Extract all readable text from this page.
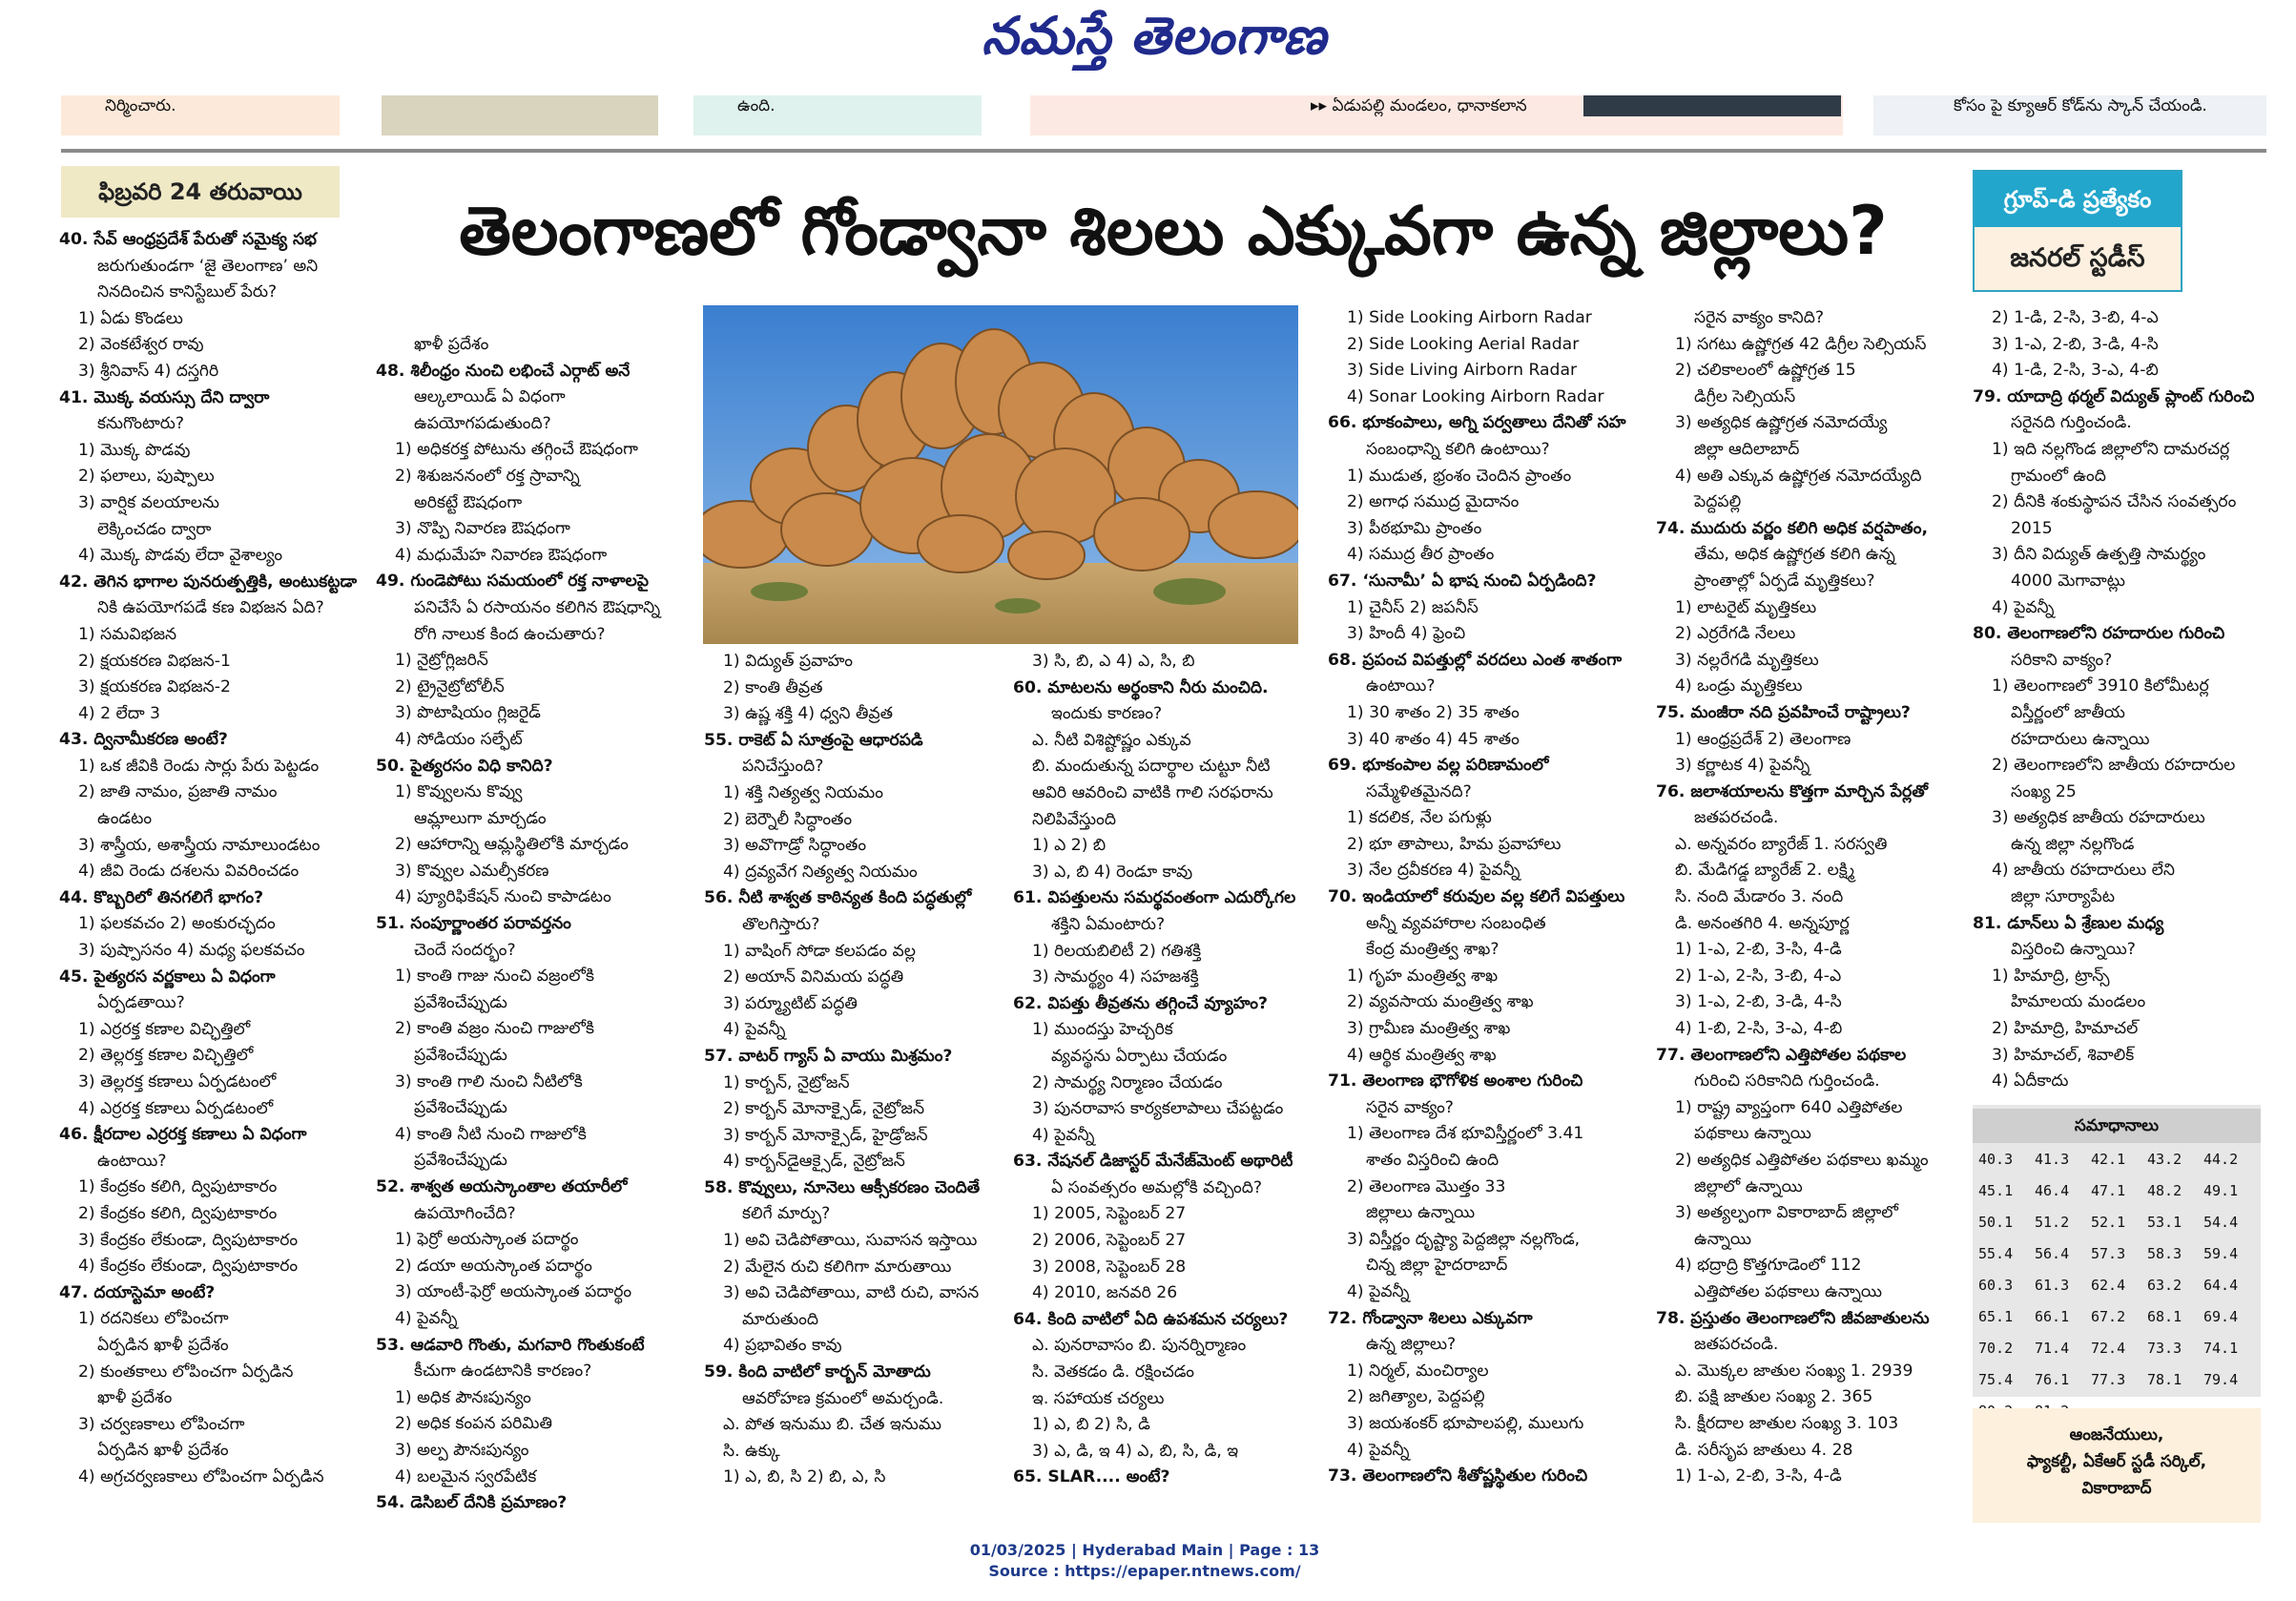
నమస్తే తెలంగాణ
నిర్మించారు.	ఉంది.	▸▸ ఏడుపల్లి మండలం, ధానాకలాన	కోసం పై క్యూఆర్ కోడ్‌ను స్కాన్ చేయండి.
ఫిబ్రవరి 24 తరువాయి	తెలంగాణలో గోండ్వానా శిలలు ఎక్కువగా ఉన్న జిల్లాలు?	గ్రూప్-డి ప్రత్యేకం
జనరల్ స్టడీస్

40. సేవ్ ఆంధ్రప్రదేశ్ పేరుతో సమైక్య సభ

జరుగుతుండగా ‘జై తెలంగాణ’ అని

నినదించిన కానిస్టేబుల్ పేరు?

1) ఏడు కొండలు

2) వెంకటేశ్వర రావు

3) శ్రీనివాస్ 4) దస్తగిరి

41. మొక్క వయస్సు దేని ద్వారా

కనుగొంటారు?

1) మొక్క పొడవు

2) ఫలాలు, పుష్పాలు

3) వార్షిక వలయాలను

లెక్కించడం ద్వారా

4) మొక్క పొడవు లేదా వైశాల్యం

42. తెగిన భాగాల పునరుత్పత్తికి, అంటుకట్టడా

నికి ఉపయోగపడే కణ విభజన ఏది?

1) సమవిభజన

2) క్షయకరణ విభజన-1

3) క్షయకరణ విభజన-2

4) 2 లేదా 3

43. ద్వినామీకరణ అంటే?

1) ఒక జీవికి రెండు సార్లు పేరు పెట్టడం

2) జాతి నామం, ప్రజాతి నామం

ఉండటం

3) శాస్త్రీయ, అశాస్త్రీయ నామాలుండటం

4) జీవి రెండు దశలను వివరించడం

44. కొబ్బరిలో తినగలిగే భాగం?

1) ఫలకవచం 2) అంకురచ్ఛదం

3) పుష్పాసనం 4) మధ్య ఫలకవచం

45. పైత్యరస వర్ణకాలు ఏ విధంగా

ఏర్పడతాయి?

1) ఎర్రరక్త కణాల విచ్ఛిత్తిలో

2) తెల్లరక్త కణాల విచ్ఛిత్తిలో

3) తెల్లరక్త కణాలు ఏర్పడటంలో

4) ఎర్రరక్త కణాలు ఏర్పడటంలో

46. క్షీరదాల ఎర్రరక్త కణాలు ఏ విధంగా

ఉంటాయి?

1) కేంద్రకం కలిగి, ద్విపుటాకారం

2) కేంద్రకం కలిగి, ద్విపుటాకారం

3) కేంద్రకం లేకుండా, ద్విపుటాకారం

4) కేంద్రకం లేకుండా, ద్విపుటాకారం

47. దయాస్టెమా అంటే?

1) రదనికలు లోపించగా

ఏర్పడిన ఖాళీ ప్రదేశం

2) కుంతకాలు లోపించగా ఏర్పడిన

ఖాళీ ప్రదేశం

3) చర్వణకాలు లోపించగా

ఏర్పడిన ఖాళీ ప్రదేశం

4) అగ్రచర్వణకాలు లోపించగా ఏర్పడిన

ఖాళీ ప్రదేశం

48. శిలీంధ్రం నుంచి లభించే ఎర్గాట్ అనే

ఆల్కలాయిడ్ ఏ విధంగా

ఉపయోగపడుతుంది?

1) అధికరక్త పోటును తగ్గించే ఔషధంగా

2) శిశుజననంలో రక్త స్రావాన్ని

అరికట్టే ఔషధంగా

3) నొప్పి నివారణ ఔషధంగా

4) మధుమేహ నివారణ ఔషధంగా

49. గుండెపోటు సమయంలో రక్త నాళాలపై

పనిచేసే ఏ రసాయనం కలిగిన ఔషధాన్ని

రోగి నాలుక కింద ఉంచుతారు?

1) నైట్రోగ్లిజరిన్

2) ట్రైనైట్రోటోలీన్

3) పొటాషియం గ్లిజరైడ్

4) సోడియం సల్ఫేట్

50. పైత్యరసం విధి కానిది?

1) కొవ్వులను కొవ్వు

ఆమ్లాలుగా మార్చడం

2) ఆహారాన్ని ఆమ్లస్థితిలోకి మార్చడం

3) కొవ్వుల ఎమల్సీకరణ

4) ప్యూరిఫికేషన్ నుంచి కాపాడటం

51. సంపూర్ణాంతర పరావర్తనం

చెందే సందర్భం?

1) కాంతి గాజు నుంచి వజ్రంలోకి

ప్రవేశించేప్పుడు

2) కాంతి వజ్రం నుంచి గాజులోకి

ప్రవేశించేప్పుడు

3) కాంతి గాలి నుంచి నీటిలోకి

ప్రవేశించేప్పుడు

4) కాంతి నీటి నుంచి గాజులోకి

ప్రవేశించేప్పుడు

52. శాశ్వత అయస్కాంతాల తయారీలో

ఉపయోగించేది?

1) ఫెర్రో అయస్కాంత పదార్థం

2) డయా అయస్కాంత పదార్థం

3) యాంటీ-ఫెర్రో అయస్కాంత పదార్థం

4) పైవన్నీ

53. ఆడవారి గొంతు, మగవారి గొంతుకంటే

కీచుగా ఉండటానికి కారణం?

1) అధిక పౌనఃపున్యం

2) అధిక కంపన పరిమితి

3) అల్ప పౌనఃపున్యం

4) బలమైన స్వరపేటిక

54. డెసిబల్ దేనికి ప్రమాణం?

1) విద్యుత్ ప్రవాహం

2) కాంతి తీవ్రత

3) ఉష్ణ శక్తి 4) ధ్వని తీవ్రత

55. రాకెట్ ఏ సూత్రంపై ఆధారపడి

పనిచేస్తుంది?

1) శక్తి నిత్యత్వ నియమం

2) బెర్నౌలీ సిద్ధాంతం

3) అవొగాడ్రో సిద్ధాంతం

4) ద్రవ్యవేగ నిత్యత్వ నియమం

56. నీటి శాశ్వత కాఠిన్యత కింది పద్ధతుల్లో

తొలగిస్తారు?

1) వాషింగ్ సోడా కలపడం వల్ల

2) అయాన్ వినిమయ పద్ధతి

3) పర్మ్యూటిట్ పద్ధతి

4) పైవన్నీ

57. వాటర్ గ్యాస్ ఏ వాయు మిశ్రమం?

1) కార్బన్, నైట్రోజన్

2) కార్బన్ మోనాక్సైడ్, నైట్రోజన్

3) కార్బన్ మోనాక్సైడ్, హైడ్రోజన్

4) కార్బన్‌డైఆక్సైడ్, నైట్రోజన్

58. కొవ్వులు, నూనెలు ఆక్సీకరణం చెందితే

కలిగే మార్పు?

1) అవి చెడిపోతాయి, సువాసన ఇస్తాయి

2) మేలైన రుచి కలిగిగా మారుతాయి

3) అవి చెడిపోతాయి, వాటి రుచి, వాసన

మారుతుంది

4) ప్రభావితం కావు

59. కింది వాటిలో కార్బన్ మోతాదు

ఆవరోహణ క్రమంలో అమర్చండి.

ఎ. పోత ఇనుము బి. చేత ఇనుము

సి. ఉక్కు

1) ఎ, బి, సి 2) బి, ఎ, సి

3) సి, బి, ఎ 4) ఎ, సి, బి

60. మాటలను అర్థంకాని నీరు మంచిది.

ఇందుకు కారణం?

ఎ. నీటి విశిష్టోష్ణం ఎక్కువ

బి. మందుతున్న పదార్థాల చుట్టూ నీటి

ఆవిరి ఆవరించి వాటికి గాలి సరఫరాను

నిలిపివేస్తుంది

1) ఎ 2) బి

3) ఎ, బి 4) రెండూ కావు

61. విపత్తులను సమర్థవంతంగా ఎదుర్కోగల

శక్తిని ఏమంటారు?

1) రిలయబిలిటీ 2) గతిశక్తి

3) సామర్థ్యం 4) సహజశక్తి

62. విపత్తు తీవ్రతను తగ్గించే వ్యూహం?

1) ముందస్తు హెచ్చరిక

వ్యవస్థను ఏర్పాటు చేయడం

2) సామర్థ్య నిర్మాణం చేయడం

3) పునరావాస కార్యకలాపాలు చేపట్టడం

4) పైవన్నీ

63. నేషనల్ డిజాస్టర్ మేనేజ్‌మెంట్ అథారిటీ

ఏ సంవత్సరం అమల్లోకి వచ్చింది?

1) 2005, సెప్టెంబర్ 27

2) 2006, సెప్టెంబర్ 27

3) 2008, సెప్టెంబర్ 28

4) 2010, జనవరి 26

64. కింది వాటిలో ఏది ఉపశమన చర్యలు?

ఎ. పునరావాసం బి. పునర్నిర్మాణం

సి. వెతకడం డి. రక్షించడం

ఇ. సహాయక చర్యలు

1) ఎ, బి 2) సి, డి

3) ఎ, డి, ఇ 4) ఎ, బి, సి, డి, ఇ

65. SLAR.... అంటే?

1) Side Looking Airborn Radar

2) Side Looking Aerial Radar

3) Side Living Airborn Radar

4) Sonar Looking Airborn Radar

66. భూకంపాలు, అగ్ని పర్వతాలు దేనితో సహ

సంబంధాన్ని కలిగి ఉంటాయి?

1) ముడుత, భ్రంశం చెందిన ప్రాంతం

2) అగాధ సముద్ర మైదానం

3) పీఠభూమి ప్రాంతం

4) సముద్ర తీర ప్రాంతం

67. ‘సునామీ’ ఏ భాష నుంచి ఏర్పడింది?

1) చైనీస్ 2) జపనీస్

3) హిందీ 4) ఫ్రెంచి

68. ప్రపంచ విపత్తుల్లో వరదలు ఎంత శాతంగా

ఉంటాయి?

1) 30 శాతం 2) 35 శాతం

3) 40 శాతం 4) 45 శాతం

69. భూకంపాల వల్ల పరిణామంలో

సమ్మేళితమైనది?

1) కదలిక, నేల పగుళ్లు

2) భూ తాపాలు, హిమ ప్రవాహాలు

3) నేల ద్రవీకరణ 4) పైవన్నీ

70. ఇండియాలో కరువుల వల్ల కలిగే విపత్తులు

అన్నీ వ్యవహారాల సంబంధిత

కేంద్ర మంత్రిత్వ శాఖ?

1) గృహ మంత్రిత్వ శాఖ

2) వ్యవసాయ మంత్రిత్వ శాఖ

3) గ్రామీణ మంత్రిత్వ శాఖ

4) ఆర్థిక మంత్రిత్వ శాఖ

71. తెలంగాణ భౌగోళిక అంశాల గురించి

సరైన వాక్యం?

1) తెలంగాణ దేశ భూవిస్తీర్ణంలో 3.41

శాతం విస్తరించి ఉంది

2) తెలంగాణ మొత్తం 33

జిల్లాలు ఉన్నాయి

3) విస్తీర్ణం దృష్ట్యా పెద్దజిల్లా నల్లగొండ,

చిన్న జిల్లా హైదరాబాద్

4) పైవన్నీ

72. గోండ్వానా శిలలు ఎక్కువగా

ఉన్న జిల్లాలు?

1) నిర్మల్, మంచిర్యాల

2) జగిత్యాల, పెద్దపల్లి

3) జయశంకర్ భూపాలపల్లి, ములుగు

4) పైవన్నీ

73. తెలంగాణలోని శీతోష్ణస్థితుల గురించి

సరైన వాక్యం కానిది?

1) సగటు ఉష్ణోగ్రత 42 డిగ్రీల సెల్సియస్

2) చలికాలంలో ఉష్ణోగ్రత 15

డిగ్రీల సెల్సియస్

3) అత్యధిక ఉష్ణోగ్రత నమోదయ్యే

జిల్లా ఆదిలాబాద్

4) అతి ఎక్కువ ఉష్ణోగ్రత నమోదయ్యేది

పెద్దపల్లి

74. ముదురు వర్ణం కలిగి అధిక వర్షపాతం,

తేమ, అధిక ఉష్ణోగ్రత కలిగి ఉన్న

ప్రాంతాల్లో ఏర్పడే మృత్తికలు?

1) లాటరైట్ మృత్తికలు

2) ఎర్రరేగడి నేలలు

3) నల్లరేగడి మృత్తికలు

4) ఒండ్రు మృత్తికలు

75. మంజీరా నది ప్రవహించే రాష్ట్రాలు?

1) ఆంధ్రప్రదేశ్ 2) తెలంగాణ

3) కర్ణాటక 4) పైవన్నీ

76. జలాశయాలను కొత్తగా మార్చిన పేర్లతో

జతపరచండి.

ఎ. అన్నవరం బ్యారేజ్ 1. సరస్వతి

బి. మేడిగడ్డ బ్యారేజ్ 2. లక్ష్మి

సి. నంది మేడారం 3. నంది

డి. అనంతగిరి 4. అన్నపూర్ణ

1) 1-ఎ, 2-బి, 3-సి, 4-డి

2) 1-ఎ, 2-సి, 3-బి, 4-ఎ

3) 1-ఎ, 2-బి, 3-డి, 4-సి

4) 1-బి, 2-సి, 3-ఎ, 4-బి

77. తెలంగాణలోని ఎత్తిపోతల పథకాల

గురించి సరికానిది గుర్తించండి.

1) రాష్ట్ర వ్యాప్తంగా 640 ఎత్తిపోతల

పథకాలు ఉన్నాయి

2) అత్యధిక ఎత్తిపోతల పథకాలు ఖమ్మం

జిల్లాలో ఉన్నాయి

3) అత్యల్పంగా వికారాబాద్ జిల్లాలో

ఉన్నాయి

4) భద్రాద్రి కొత్తగూడెంలో 112

ఎత్తిపోతల పథకాలు ఉన్నాయి

78. ప్రస్తుతం తెలంగాణలోని జీవజాతులను

జతపరచండి.

ఎ. మొక్కల జాతుల సంఖ్య 1. 2939

బి. పక్షి జాతుల సంఖ్య 2. 365

సి. క్షీరదాల జాతుల సంఖ్య 3. 103

డి. సరీసృప జాతులు 4. 28

1) 1-ఎ, 2-బి, 3-సి, 4-డి

2) 1-డి, 2-సి, 3-బి, 4-ఎ

3) 1-ఎ, 2-బి, 3-డి, 4-సి

4) 1-డి, 2-సి, 3-ఎ, 4-బి

79. యాదాద్రి థర్మల్ విద్యుత్ ప్లాంట్ గురించి

సరైనది గుర్తించండి.

1) ఇది నల్లగొండ జిల్లాలోని దామరచర్ల

గ్రామంలో ఉంది

2) దీనికి శంకుస్థాపన చేసిన సంవత్సరం

2015

3) దీని విద్యుత్ ఉత్పత్తి సామర్థ్యం

4000 మెగావాట్లు

4) పైవన్నీ

80. తెలంగాణలోని రహదారుల గురించి

సరికాని వాక్యం?

1) తెలంగాణలో 3910 కిలోమీటర్ల

విస్తీర్ణంలో జాతీయ

రహదారులు ఉన్నాయి

2) తెలంగాణలోని జాతీయ రహదారుల

సంఖ్య 25

3) అత్యధిక జాతీయ రహదారులు

ఉన్న జిల్లా నల్లగొండ

4) జాతీయ రహదారులు లేని

జిల్లా సూర్యాపేట

81. డూన్‌లు ఏ శ్రేణుల మధ్య

విస్తరించి ఉన్నాయి?

1) హిమాద్రి, ట్రాన్స్

హిమాలయ మండలం

2) హిమాద్రి, హిమాచల్

3) హిమాచల్, శివాలిక్

4) ఏదీకాదు

సమాధానాలు
40.3	41.3	42.1	43.2	44.2
45.1	46.4	47.1	48.2	49.1
50.1	51.2	52.1	53.1	54.4
55.4	56.4	57.3	58.3	59.4
60.3	61.3	62.4	63.2	64.4
65.1	66.1	67.2	68.1	69.4
70.2	71.4	72.4	73.3	74.1
75.4	76.1	77.3	78.1	79.4
ఆంజనేయులు,
ఫ్యాకల్టీ, ఏకేఆర్ స్టడీ సర్కిల్,
వికారాబాద్
01/03/2025 | Hyderabad Main | Page : 13
Source : https://epaper.ntnews.com/
